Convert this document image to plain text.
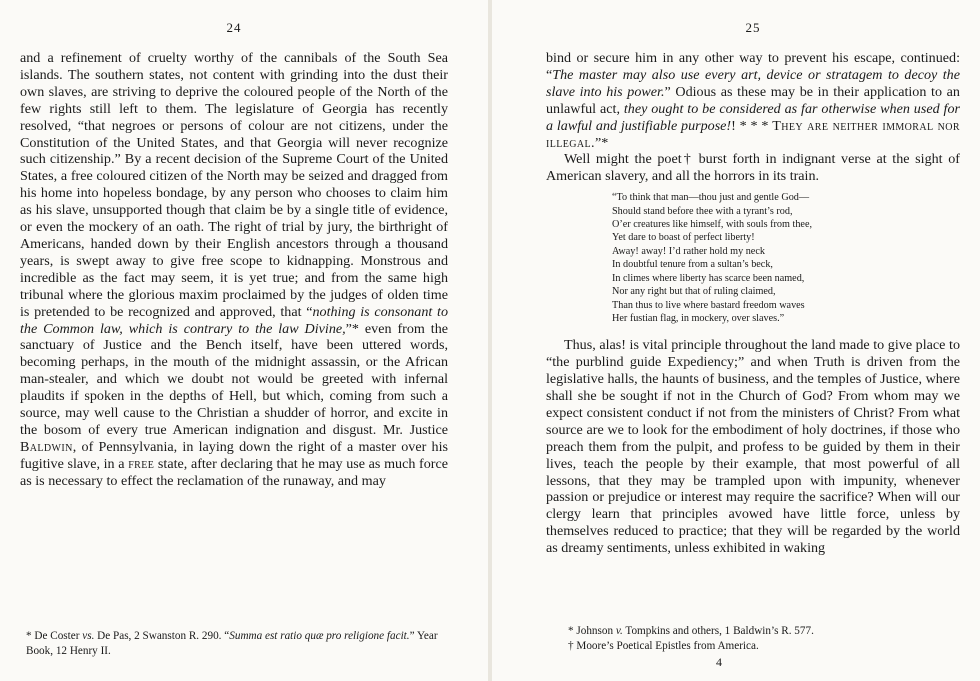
24

and a refinement of cruelty worthy of the cannibals of the South Sea islands. The southern states, not content with grinding into the dust their own slaves, are striving to deprive the coloured people of the North of the few rights still left to them. The legislature of Georgia has recently resolved, “that negroes or persons of colour are not citizens, under the Constitution of the United States, and that Georgia will never recognize such citizenship.” By a recent decision of the Supreme Court of the United States, a free coloured citizen of the North may be seized and dragged from his home into hopeless bondage, by any person who chooses to claim him as his slave, unsupported though that claim be by a single title of evidence, or even the mockery of an oath. The right of trial by jury, the birthright of Americans, handed down by their English ancestors through a thousand years, is swept away to give free scope to kidnapping. Monstrous and incredible as the fact may seem, it is yet true; and from the same high tribunal where the glorious maxim proclaimed by the judges of olden time is pretended to be recognized and approved, that “nothing is consonant to the Common law, which is contrary to the law Divine,”* even from the sanctuary of Justice and the Bench itself, have been uttered words, becoming perhaps, in the mouth of the midnight assassin, or the African man-stealer, and which we doubt not would be greeted with infernal plaudits if spoken in the depths of Hell, but which, coming from such a source, may well cause to the Christian a shudder of horror, and excite in the bosom of every true American indignation and disgust. Mr. Justice Baldwin, of Pennsylvania, in laying down the right of a master over his fugitive slave, in a free state, after declaring that he may use as much force as is necessary to effect the reclamation of the runaway, and may

* De Coster vs. De Pas, 2 Swanston R. 290. “Summa est ratio quæ pro religione facit.” Year Book, 12 Henry II.
25

bind or secure him in any other way to prevent his escape, continued: “The master may also use every art, device or stratagem to decoy the slave into his power.” Odious as these may be in their application to an unlawful act, they ought to be considered as far otherwise when used for a lawful and justifiable purpose!! * * * They are neither immoral nor illegal.”*

Well might the poet† burst forth in indignant verse at the sight of American slavery, and all the horrors in its train.

“To think that man—thou just and gentle God—
Should stand before thee with a tyrant’s rod,
O’er creatures like himself, with souls from thee,
Yet dare to boast of perfect liberty!
Away! away! I’d rather hold my neck
In doubtful tenure from a sultan’s beck,
In climes where liberty has scarce been named,
Nor any right but that of ruling claimed,
Than thus to live where bastard freedom waves
Her fustian flag, in mockery, over slaves.”

Thus, alas! is vital principle throughout the land made to give place to “the purblind guide Expediency;” and when Truth is driven from the legislative halls, the haunts of business, and the temples of Justice, where shall she be sought if not in the Church of God? From whom may we expect consistent conduct if not from the ministers of Christ? From what source are we to look for the embodiment of holy doctrines, if those who preach them from the pulpit, and profess to be guided by them in their lives, teach the people by their example, that most powerful of all lessons, that they may be trampled upon with impunity, whenever passion or prejudice or interest may require the sacrifice? When will our clergy learn that principles avowed have little force, unless by themselves reduced to practice; that they will be regarded by the world as dreamy sentiments, unless exhibited in waking

* Johnson v. Tompkins and others, 1 Baldwin’s R. 577.
† Moore’s Poetical Epistles from America.
4
